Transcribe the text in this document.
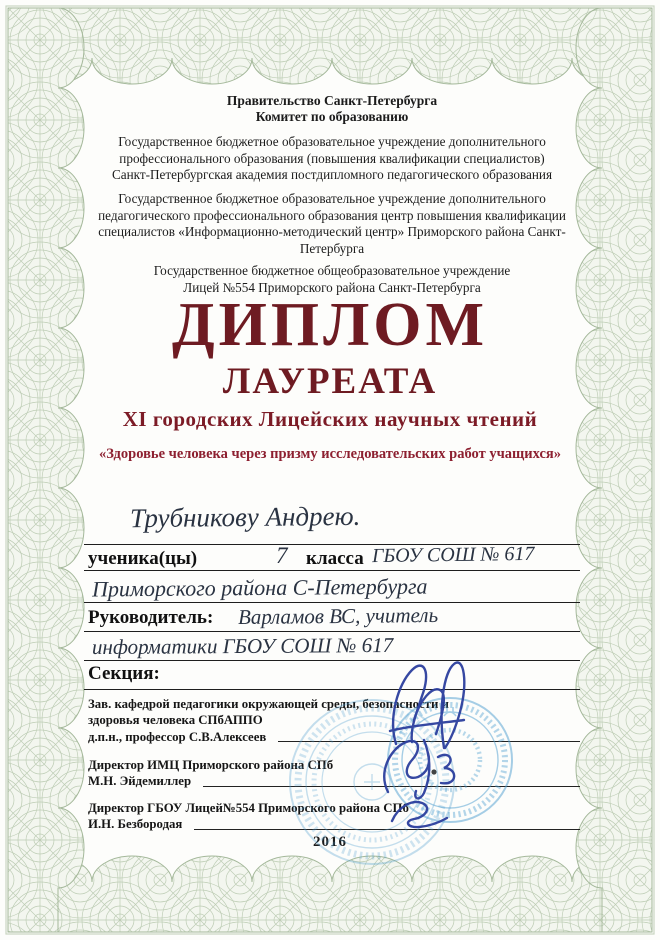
Правительство Санкт-Петербурга
Комитет по образованию
Государственное бюджетное образовательное учреждение дополнительного профессионального образования (повышения квалификации специалистов) Санкт-Петербургская академия постдипломного педагогического образования
Государственное бюджетное образовательное учреждение дополнительного педагогического профессионального образования центр повышения квалификации специалистов «Информационно-методический центр» Приморского района Санкт-Петербурга
Государственное бюджетное общеобразовательное учреждение Лицей №554 Приморского района Санкт-Петербурга
ДИПЛОМ
ЛАУРЕАТА
XI городских Лицейских научных чтений
«Здоровье человека через призму исследовательских работ учащихся»
Трубникову Андрею.
ученика(цы)	7 класса ГБОУ СОШ № 617
Приморского района С-Петербурга
Руководитель: Варламов ВС, учитель
информатики ГБОУ СОШ № 617
Секция:
Зав. кафедрой педагогики окружающей среды, безопасности и здоровья человека СПбАППО
д.п.н., профессор С.В.Алексеев
Директор ИМЦ Приморского района СПб
М.Н. Эйдемиллер
Директор ГБОУ Лицей№554 Приморского района СПб
И.Н. Безбородая
2016
